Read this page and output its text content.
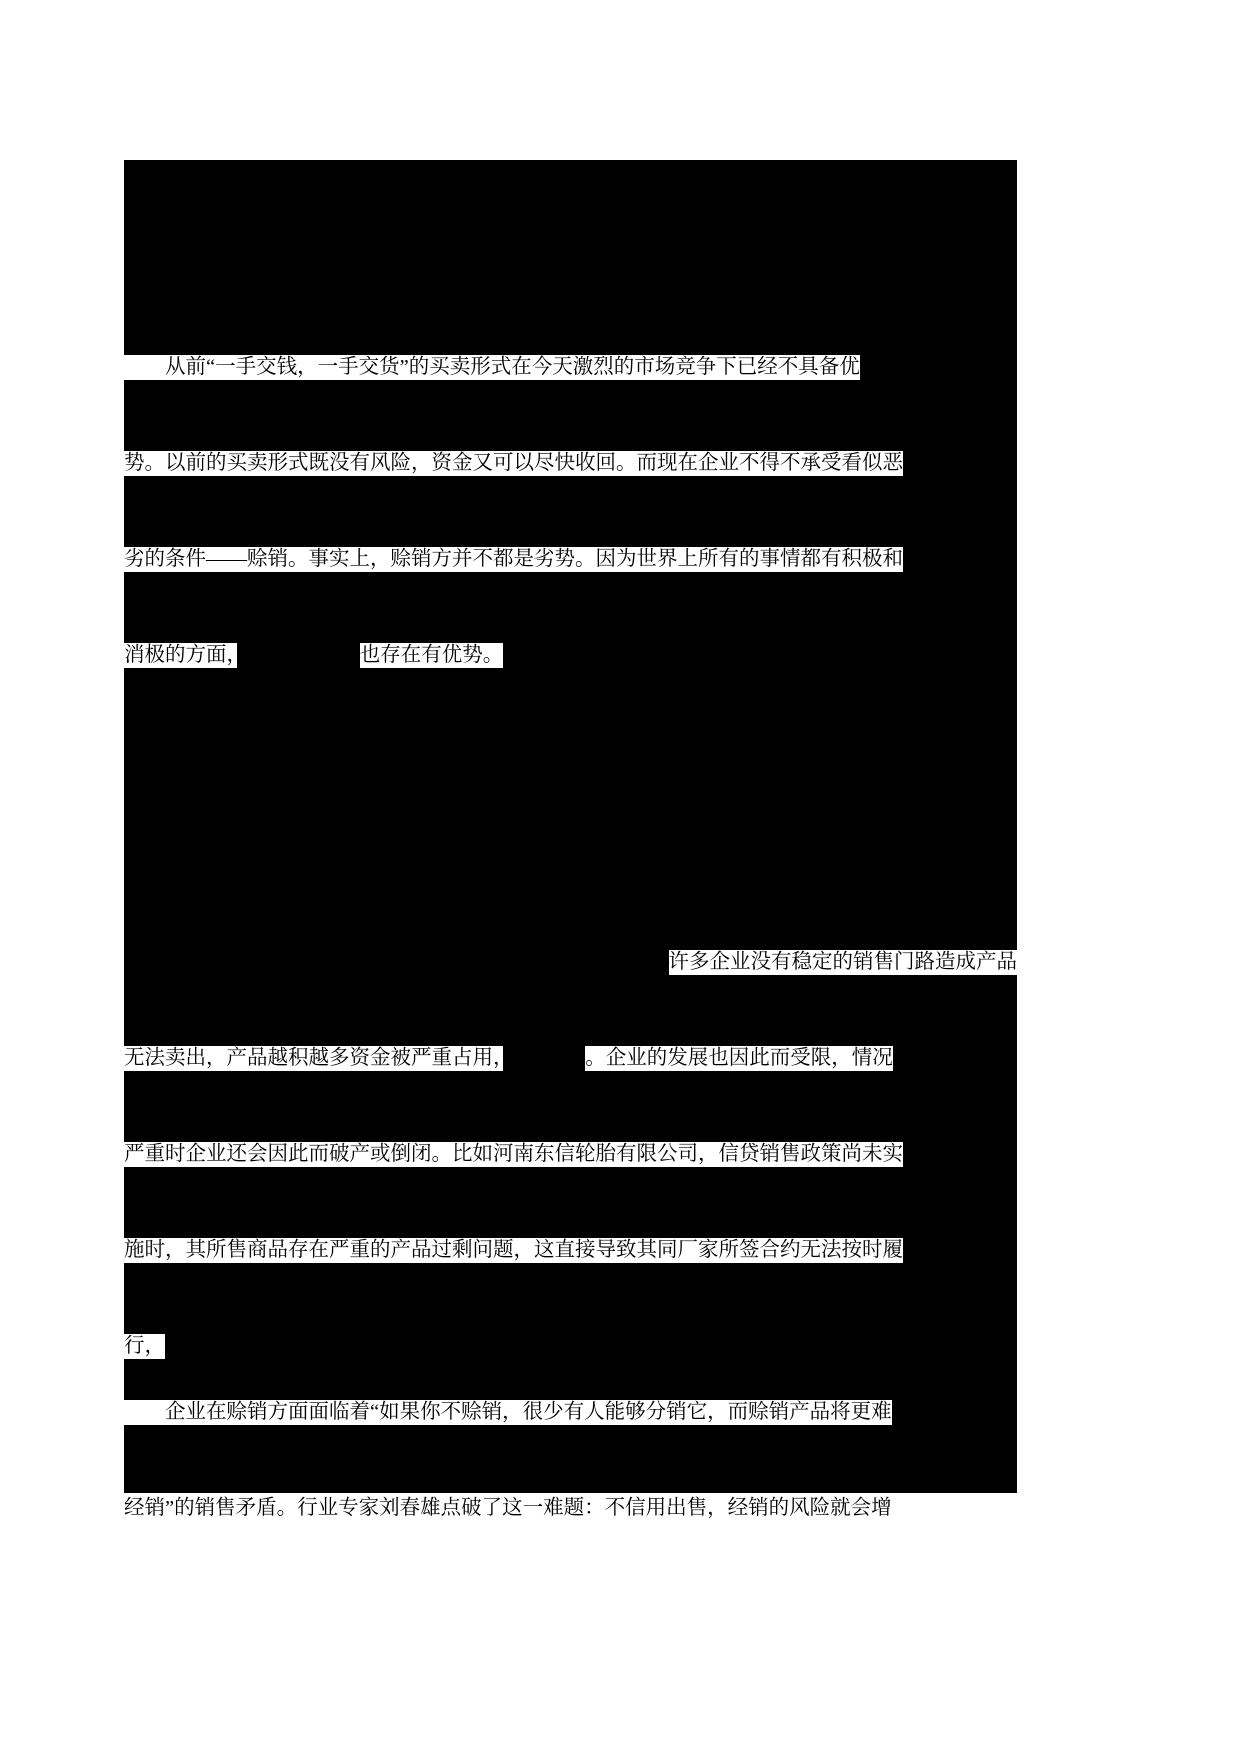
　　从前“一手交钱，一手交货”的买卖形式在今天激烈的市场竞争下已经不具备优

势。以前的买卖形式既没有风险，资金又可以尽快收回。而现在企业不得不承受看似恶

劣的条件——赊销。事实上，赊销方并不都是劣势。因为世界上所有的事情都有积极和

消极的方面，　　　　　　	也存在有优势。

　　　　　　　　　　　　　　　　　　　　　许多企业没有稳定的销售门路造成产品

无法卖出，产品越积越多资金被严重占用，　　　　	。企业的发展也因此而受限，情况

严重时企业还会因此而破产或倒闭。比如河南东信轮胎有限公司，信贷销售政策尚未实

施时，其所售商品存在严重的产品过剩问题，这直接导致其同厂家所签合约无法按时履

行，

　　企业在赊销方面面临着“如果你不赊销，很少有人能够分销它，而赊销产品将更难

经销”的销售矛盾。行业专家刘春雄点破了这一难题：不信用出售，经销的风险就会增
